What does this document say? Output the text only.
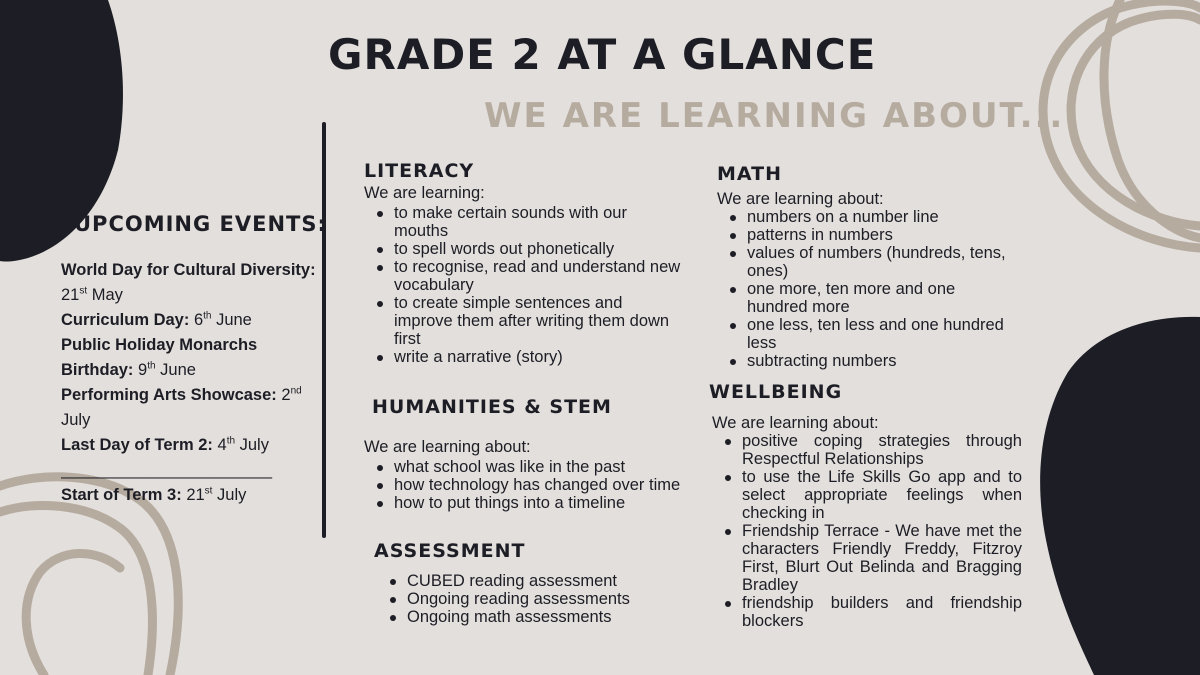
GRADE 2 AT A GLANCE
WE ARE LEARNING ABOUT...
UPCOMING EVENTS:

World Day for Cultural Diversity: 21st May

Curriculum Day: 6th June

Public Holiday Monarchs Birthday: 9th June

Performing Arts Showcase: 2nd July

Last Day of Term 2: 4th July

_______________________

Start of Term 3: 21st July

LITERACY

We are learning:

to make certain sounds with our mouths
to spell words out phonetically
to recognise, read and understand new vocabulary
to create simple sentences and improve them after writing them down first
write a narrative (story)
HUMANITIES & STEM

We are learning about:

what school was like in the past
how technology has changed over time
how to put things into a timeline
ASSESSMENT
CUBED reading assessment
Ongoing reading assessments
Ongoing math assessments
MATH

We are learning about:

numbers on a number line
patterns in numbers
values of numbers (hundreds, tens, ones)
one more, ten more and one hundred more
one less, ten less and one hundred less
subtracting numbers
WELLBEING

We are learning about:

positive coping strategies through Respectful Relationships
to use the Life Skills Go app and to select appropriate feelings when checking in
Friendship Terrace - We have met the characters Friendly Freddy, Fitzroy First, Blurt Out Belinda and Bragging Bradley
friendship builders and friendship blockers
